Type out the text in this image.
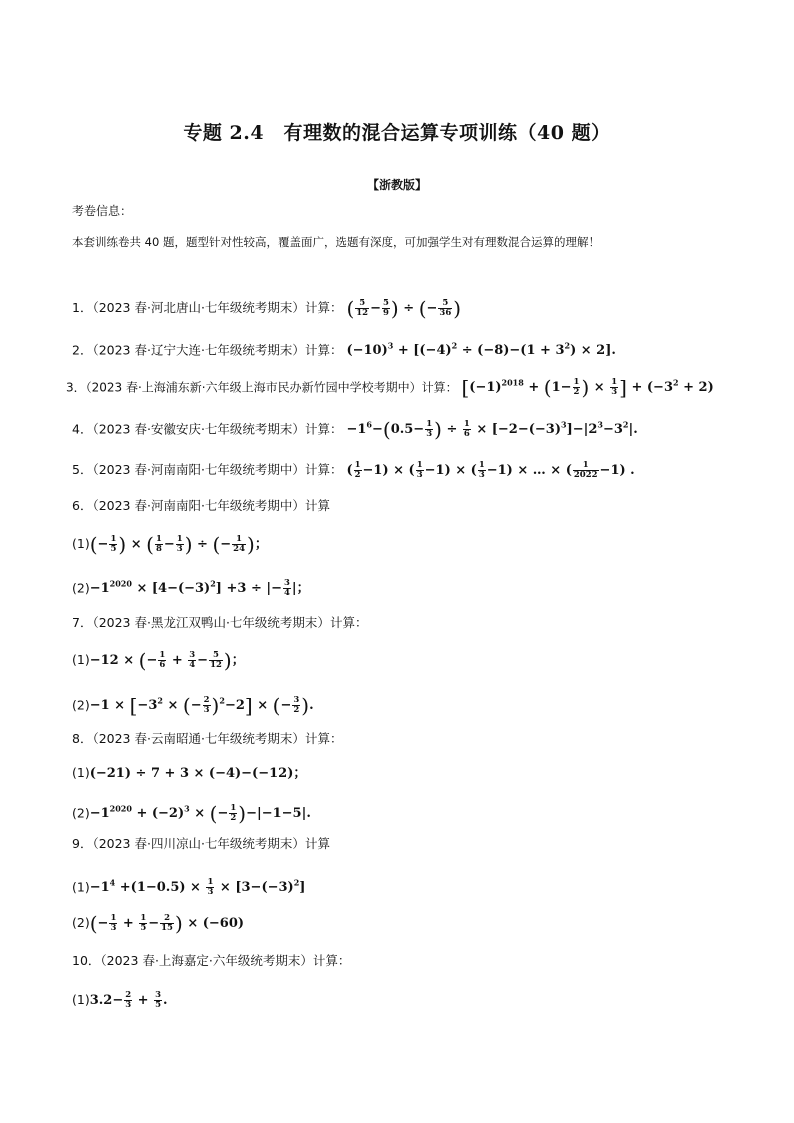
专题 2.4　有理数的混合运算专项训练（40 题）
【浙教版】
考卷信息：
本套训练卷共 40 题，题型针对性较高，覆盖面广，选题有深度，可加强学生对有理数混合运算的理解！
1．（2023 春·河北唐山·七年级统考期末）计算： ( $\frac{5}{12} - \frac{5}{9}$ ) ÷ (− $\frac{5}{36}$ )
2．（2023 春·辽宁大连·七年级统考期末）计算： $(-10)^3 + [(-4)^2 \div (-8)-(1 + 3^2) \times 2]$.
3．（2023 春·上海浦东新·六年级上海市民办新竹园中学校考期中）计算： [$(-1)^{2018} + (1- \frac{1}{2}$ ) × $\frac{1}{3}$ ] + $(-3^2 + 2)$
4．（2023 春·安徽安庆·七年级统考期末）计算： $-1^6-(0.5- \frac{1}{3}$ ) ÷ $\frac{1}{6} \times [-2-(-3)^3]-|2^3-3^2|$.
5．（2023 春·河南南阳·七年级统考期中）计算： ( $\frac{1}{2} -1$) × ( $\frac{1}{3} -1$) × ( $\frac{1}{3} -1$) × … × ( $\frac{1}{2022} -1$) .
6．（2023 春·河南南阳·七年级统考期中）计算
$(1)(- \frac{1}{5}$ ) × ( $\frac{1}{8} - \frac{1}{3}$ ) ÷ (− $\frac{1}{24}$ )；
$(2)-1^{2020} \times [4-(-3)^2] +3$ ÷ |− $\frac{3}{4}$ |；
7．（2023 春·黑龙江双鸭山·七年级统考期末）计算：
(1)−12 × (− $\frac{1}{6} + \frac{3}{4} - \frac{5}{12}$ )；
$(2)-1 \times [-3^2$ × (− $\frac{2}{3} )^2-2$] × (− $\frac{3}{2}$ ).
8．（2023 春·云南昭通·七年级统考期末）计算：
(1)(−21) ÷ 7 + 3 × (−4)−(−12)；
$(2)-1^{2020} + (-2)^3$ × (− $\frac{1}{2} )-|-1-5|$.
9．（2023 春·四川凉山·七年级统考期末）计算
$(1)-1^4 +(1-0.5) \times \frac{1}{3} \times [3-(-3)^2]$
$(2)(- \frac{1}{3} + \frac{1}{5} - \frac{2}{15}$ ) × (−60)
10．（2023 春·上海嘉定·六年级统考期末）计算：
$(1)3.2- \frac{2}{3} + \frac{3}{5}$ .
